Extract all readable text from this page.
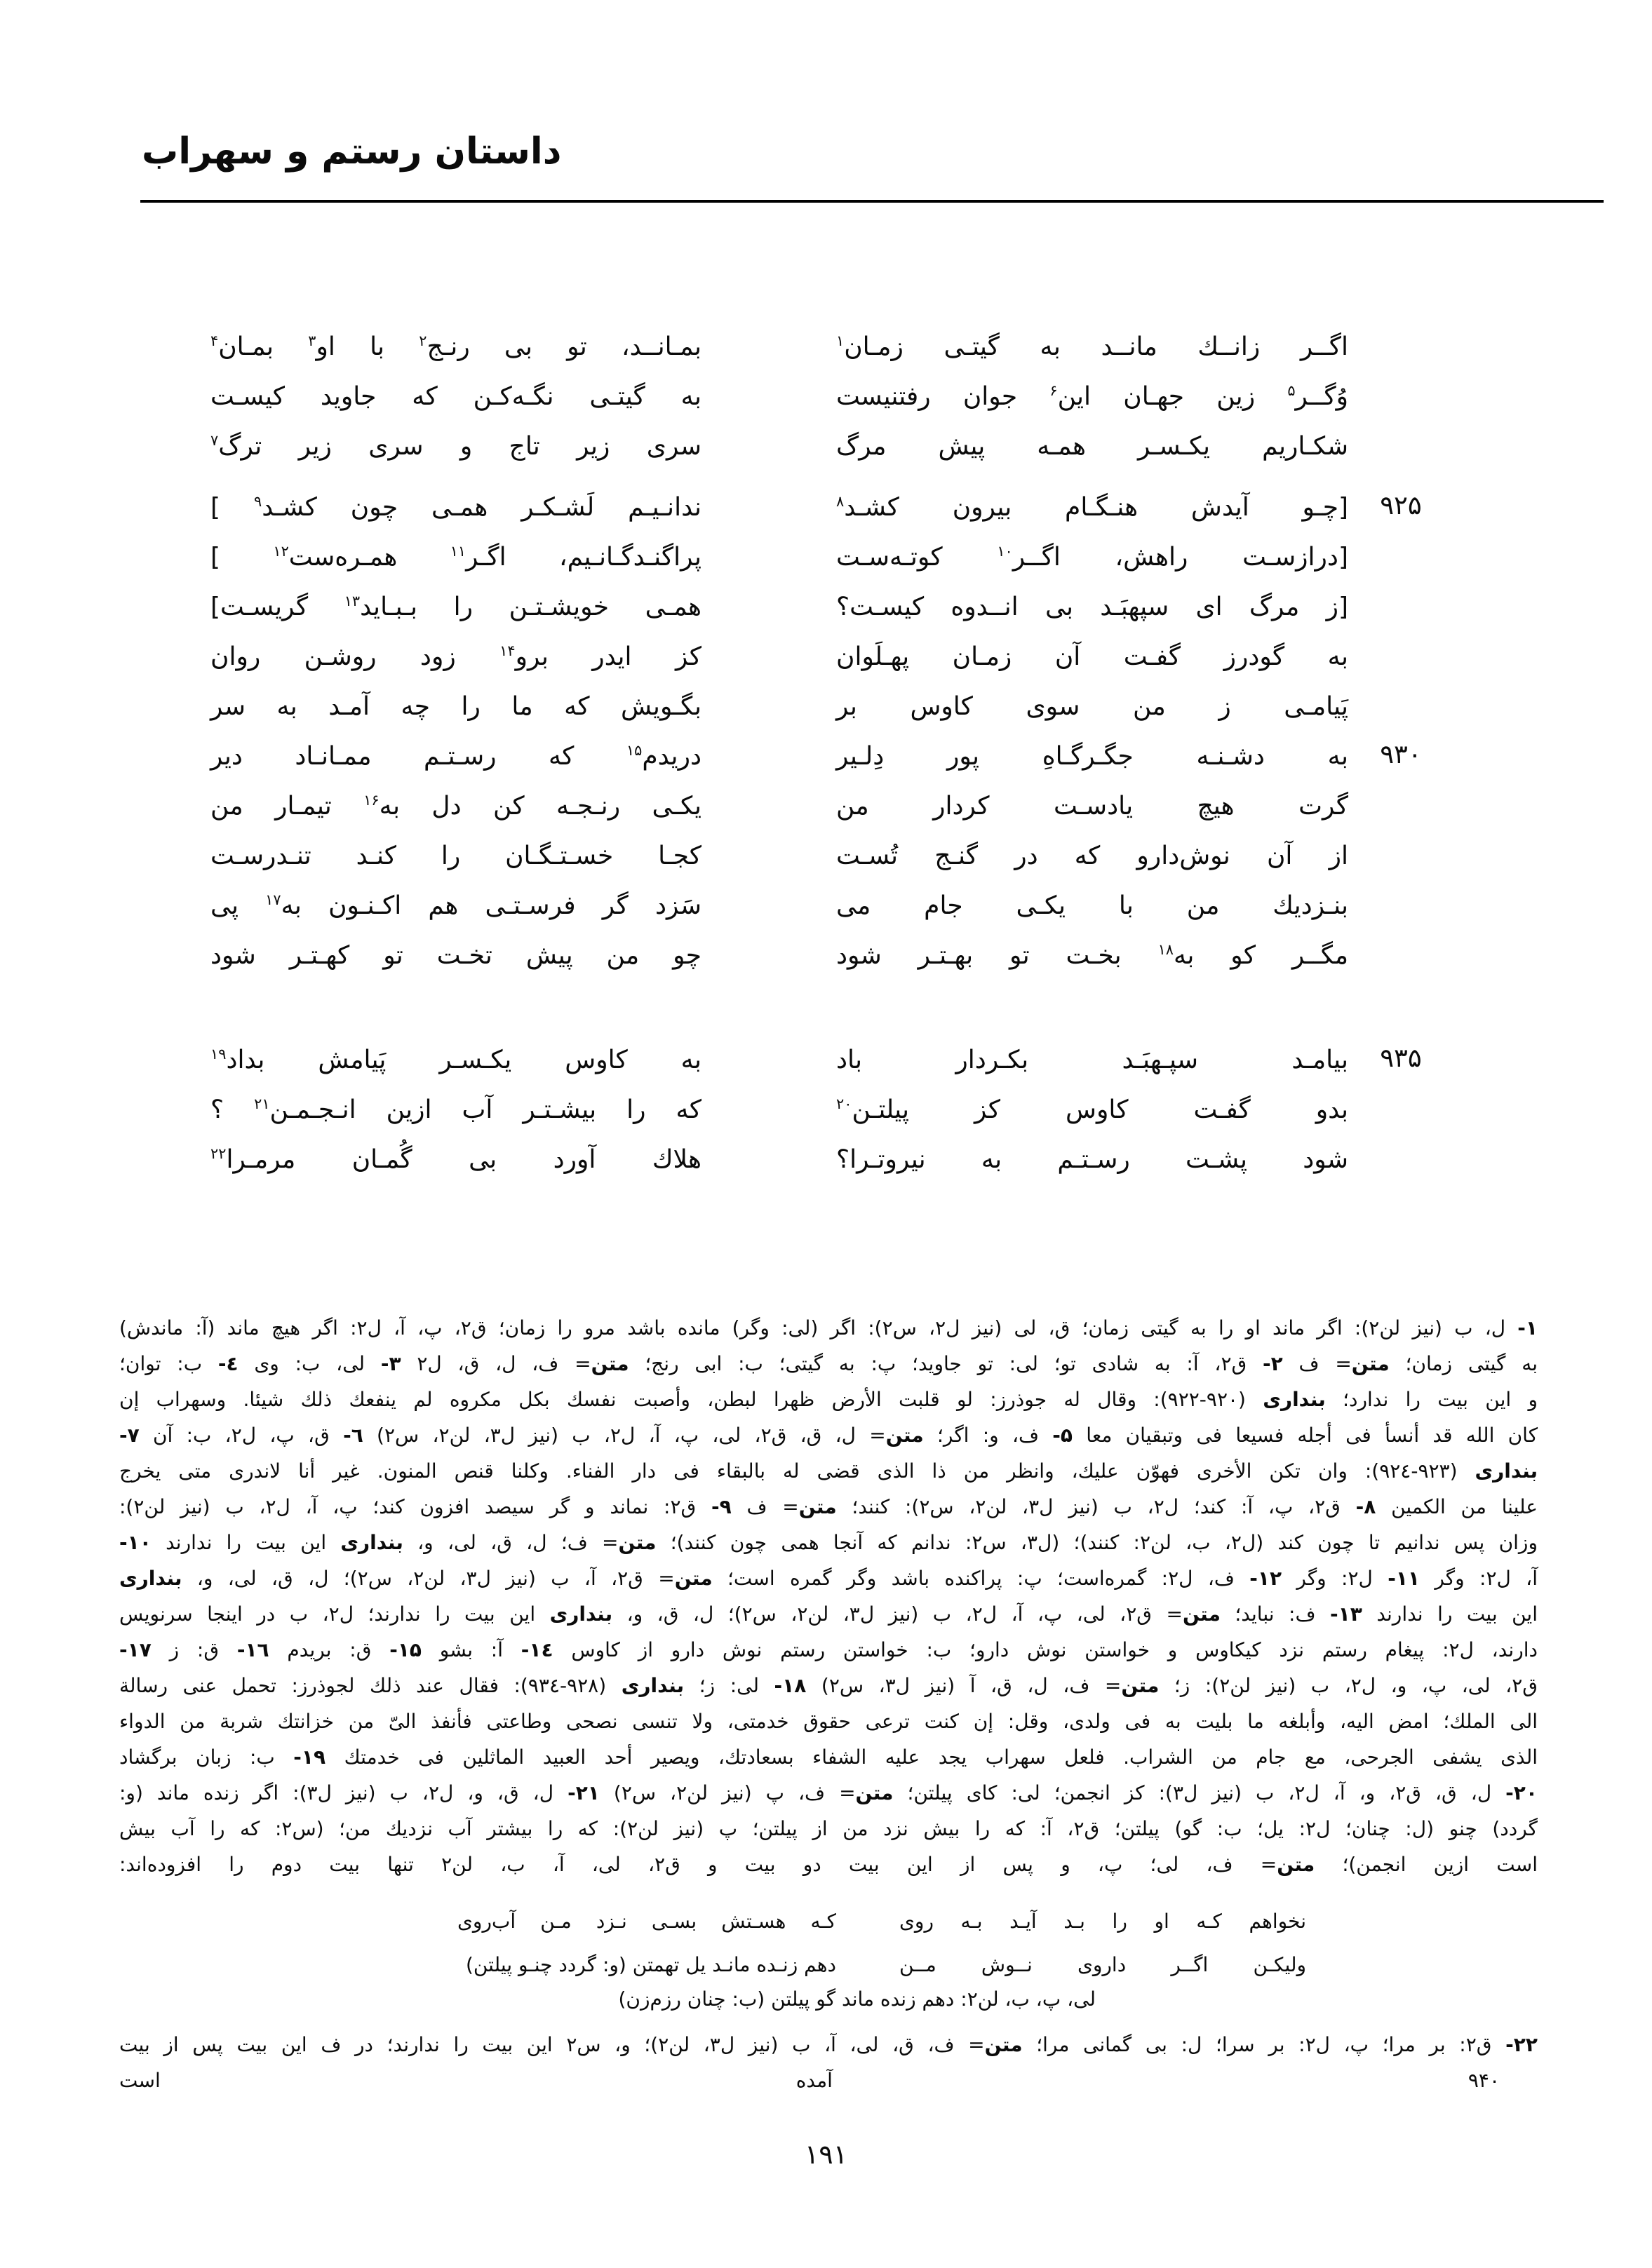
داستان رستم و سهراب
اگــر زانــك مانــد به گیتـی زمـان$^۱$
بمـانــد، تو بی رنـج$^۲$ با او$^۳$ بمـان$^۴$
وُگــر$^۵$ زین جهـان این$^۶$ جوان رفتنیست
به گیتـی نگـه‌كـن كه جاوید كیسـت
شكـاریم یكـسـر همـه پیش مرگ
سری زیر تاج و سری زیر ترگ$^۷$
۹۲۵
[چـو آیدش هنـگـام بیرون كشـد$^۸$
ندانـیـم لَشـكـر همـی چون كشـد$^۹$ ]
[درازسـت راهش، اگــر$^{۱۰}$ كوتـه‌سـت
پراگنـدگـانـیم، اگـر$^{۱۱}$ همـره‌ست$^{۱۲}$ ]
[ز مرگ ای سپهبَـد بی انــدوه كیسـت؟
همـی خویشـتـن را بـبـاید$^{۱۳}$ گریسـت]
به گودرز گفـت آن زمـان پهـلَوان
كز ایدر برو$^{۱۴}$ زود روشـن روان
پَیامـی ز من سوی كاوس بر
بگـویش كه ما را چه آمـد به سر
۹۳۰
به دشـنـه جگـرگـاهِ پور دِلـیر
دریدم$^{۱۵}$ كه رسـتـم ممـانـاد دیر
گرت هیچ یادسـت كردار من
یكـی رنـجـه كن دل به$^{۱۶}$ تیمـار من
از آن نوش‌دارو كه در گنـج تُسـت
كجـا خسـتـگـان را كنـد تنـدرسـت
بنـزدیك من با یكـی جام می
سَزد گر فرسـتـی هم اكـنـون به$^{۱۷}$ پی
مگــر كو به$^{۱۸}$ بخـت تو بهـتـر شود
چو من پیش تخـت تو كهـتـر شود
۹۳۵
بیامـد سپـهبَـد بكـردار باد
به كاوس یكـسـر پَیامش بداد$^{۱۹}$
بدو گفـت كاوس كز پیلتـن$^{۲۰}$
كه را بیشـتـر آب ازین انـجـمـن$^{۲۱}$ ؟
شود پشـت رسـتـم به نیروتـرا؟
هلاك آورد بی گُمـان مرمـرا$^{۲۲}$
۱- ل، ب (نیز لن۲): اگر ماند او را به گیتی زمان؛ ق، لی (نیز ل۲، س۲): اگر (لی: وگر) مانده باشد مرو را زمان؛ ق۲، پ، آ، ل۲: اگر هیچ ماند (آ: ماندش)
به گیتی زمان؛ متن= ف ۲- ق۲، آ: به شادی تو؛ لی: تو جاوید؛ پ: به گیتی؛ ب: ابی رنج؛ متن= ف، ل، ق، ل۲ ۳- لی، ب: وی ٤- ب: توان؛
و این بیت را ندارد؛ بنداری (۹۲۰-۹۲۲): وقال له جوذرز: لو قلبت الأرض ظهرا لبطن، وأصبت نفسك بكل مكروه لم ینفعك ذلك شیئا. وسهراب إن
كان الله قد أنسأ فی أجله فسیعا فی وتبقیان معا ۵- ف، و: اگر؛ متن= ل، ق، ق۲، لی، پ، آ، ل۲، ب (نیز ل۳، لن۲، س۲) ٦- ق، پ، ل۲، ب: آن ۷-
بنداری (۹۲۳-۹۲٤): وان تكن الأخری فهوّن علیك، وانظر من ذا الذی قضی له بالبقاء فی دار الفناء. وكلنا قنص المنون. غیر أنا لاندری متی یخرج
علینا من الكمین ۸- ق۲، پ، آ: كند؛ ل۲، ب (نیز ل۳، لن۲، س۲): كنند؛ متن= ف ۹- ق۲: نماند و گر سیصد افزون كند؛ پ، آ، ل۲، ب (نیز لن۲):
وزان پس ندانیم تا چون كند (ل۲، ب، لن۲: كنند)؛ (ل۳، س۲: ندانم كه آنجا همی چون كنند)؛ متن= ف؛ ل، ق، لی، و، بنداری این بیت را ندارند ۱۰-
آ، ل۲: وگر ۱۱- ل۲: وگر ۱۲- ف، ل۲: گمره‌است؛ پ: پراكنده باشد وگر گمره است؛ متن= ق۲، آ، ب (نیز ل۳، لن۲، س۲)؛ ل، ق، لی، و، بنداری
این بیت را ندارند ۱۳- ف: نباید؛ متن= ق۲، لی، پ، آ، ل۲، ب (نیز ل۳، لن۲، س۲)؛ ل، ق، و، بنداری این بیت را ندارند؛ ل۲، ب در اینجا سرنویس
دارند، ل۲: پیغام رستم نزد كیكاوس و خواستن نوش دارو؛ ب: خواستن رستم نوش دارو از كاوس ۱٤- آ: بشو ۱۵- ق: بریدم ۱٦- ق: ز ۱۷-
ق۲، لی، پ، و، ل۲، ب (نیز لن۲): ز؛ متن= ف، ل، ق، آ (نیز ل۳، س۲) ۱۸- لی: ز؛ بنداری (۹۲۸-۹۳٤): فقال عند ذلك لجوذرز: تحمل عنی رسالة
الی الملك؛ امض الیه، وأبلغه ما بلیت به فی ولدی، وقل: إن كنت ترعی حقوق خدمتی، ولا تنسی نصحی وطاعتی فأنفذ الیّ من خزانتك شربة من الدواء
الذی یشفی الجرحی، مع جام من الشراب. فلعل سهراب یجد علیه الشفاء بسعادتك، ویصیر أحد العبید الماثلین فی خدمتك ۱۹- ب: زبان برگشاد
۲۰- ل، ق، ق۲، و، آ، ل۲، ب (نیز ل۳): كز انجمن؛ لی: كای پیلتن؛ متن= ف، پ (نیز لن۲، س۲) ۲۱- ل، ق، و، ل۲، ب (نیز ل۳): اگر زنده ماند (و:
گردد) چنو (ل: چنان؛ ل۲: یل؛ ب: گو) پیلتن؛ ق۲، آ: كه را بیش نزد من از پیلتن؛ پ (نیز لن۲): كه را بیشتر آب نزدیك من؛ (س۲: كه را آب بیش
است ازین انجمن)؛ متن= ف، لی؛ پ، و پس از این بیت دو بیت و ق۲، لی، آ، ب، لن۲ تنها بیت دوم را افزوده‌اند:
نخواهم كـه او را بـد آیـد بـه روی
كـه هسـتش بسـی نـزد مـن آب‌روی
ولیكـن اگــر داروی نــوش مــن
دهم زنـده مانـد یل تهمتن (و: گردد چنـو پیلتن)
لی، پ، ب، لن۲: دهم زنده ماند گو پیلتن (ب: چنان رزم‌زن)
۲۲- ق۲: بر مرا؛ پ، ل۲: بر سرا؛ ل: بی گمانی مرا؛ متن= ف، ق، لی، آ، ب (نیز ل۳، لن۲)؛ و، س۲ این بیت را ندارند؛ در ف این بیت پس از بیت
۹۴۰ آمده است
۱۹۱
